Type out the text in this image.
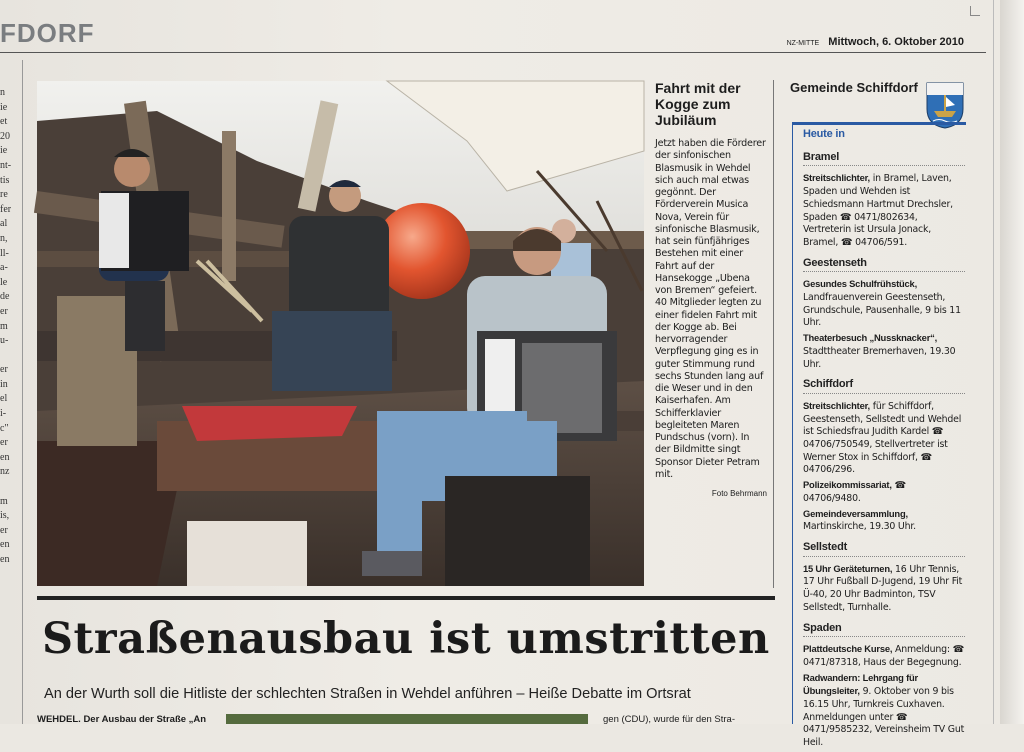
FDORF	NZ-MITTE Mittwoch, 6. Oktober 2010
n
ie
et
20
ie
nt-
tis
re
fer
al
n,
ll-
a-
le
de
er
m
u-

er
in
el
i-
c"
er
en
nz

m
is,
er
en
en
Fahrt mit der Kogge zum Jubiläum

Jetzt haben die Förderer der sinfonischen Blasmusik in Wehdel sich auch mal etwas gegönnt. Der Förderverein Musica Nova, Verein für sinfonische Blasmusik, hat sein fünfjähriges Bestehen mit einer Fahrt auf der Hansekogge „Ubena von Bremen“ gefeiert. 40 Mitglieder legten zu einer fidelen Fahrt mit der Kogge ab. Bei hervorragender Verpflegung ging es in guter Stimmung rund sechs Stunden lang auf die Weser und in den Kaiserhafen. Am Schifferklavier begleiteten Maren Pundschus (vorn). In der Bildmitte singt Sponsor Dieter Petram mit.

Foto Behrmann
Gemeinde Schiffdorf
Heute in
Bramel

Streitschlichter, in Bramel, Laven, Spaden und Wehden ist Schiedsmann Hartmut Drechsler, Spaden ☎ 0471/802634, Vertreterin ist Ursula Jonack, Bramel, ☎ 04706/591.

Geestenseth

Gesundes Schulfrühstück, Landfrauenverein Geestenseth, Grundschule, Pausenhalle, 9 bis 11 Uhr.

Theaterbesuch „Nussknacker“, Stadttheater Bremerhaven, 19.30 Uhr.

Schiffdorf

Streitschlichter, für Schiffdorf, Geestenseth, Sellstedt und Wehdel ist Schiedsfrau Judith Kardel ☎ 04706/750549, Stellvertreter ist Werner Stox in Schiffdorf, ☎ 04706/296.

Polizeikommissariat, ☎ 04706/9480.

Gemeindeversammlung, Martinskirche, 19.30 Uhr.

Sellstedt

15 Uhr Geräteturnen, 16 Uhr Tennis, 17 Uhr Fußball D-Jugend, 19 Uhr Fit Ü-40, 20 Uhr Badminton, TSV Sellstedt, Turnhalle.

Spaden

Plattdeutsche Kurse, Anmeldung: ☎ 0471/87318, Haus der Begegnung.

Radwandern: Lehrgang für Übungsleiter, 9. Oktober von 9 bis 16.15 Uhr, Turnkreis Cuxhaven. Anmeldungen unter ☎ 0471/9585232, Vereinsheim TV Gut Heil.

Straßenausbau ist umstritten
An der Wurth soll die Hitliste der schlechten Straßen in Wehdel anführen – Heiße Debatte im Ortsrat
WEHDEL. Der Ausbau der Straße „An	gen (CDU), wurde für den Stra-
